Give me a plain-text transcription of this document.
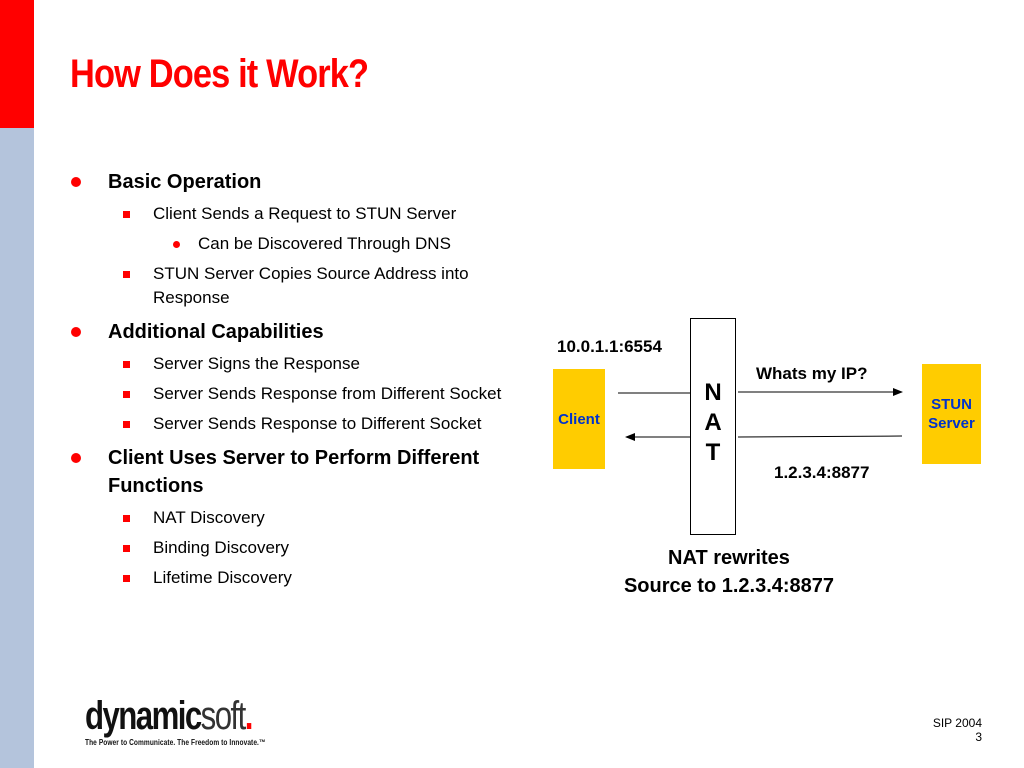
How Does it Work?
Basic Operation
Client Sends a Request to STUN Server
Can be Discovered Through DNS
STUN Server Copies Source Address into Response
Additional Capabilities
Server Signs the Response
Server Sends Response from Different Socket
Server Sends Response to Different Socket
Client Uses Server to Perform Different Functions
NAT Discovery
Binding Discovery
Lifetime Discovery
10.0.1.1:6554
Client
N
A
T
Whats my IP?
STUN
Server
1.2.3.4:8877
NAT rewrites
Source to 1.2.3.4:8877
dynamicsoft.
The Power to Communicate. The Freedom to Innovate.™
SIP 2004
3
